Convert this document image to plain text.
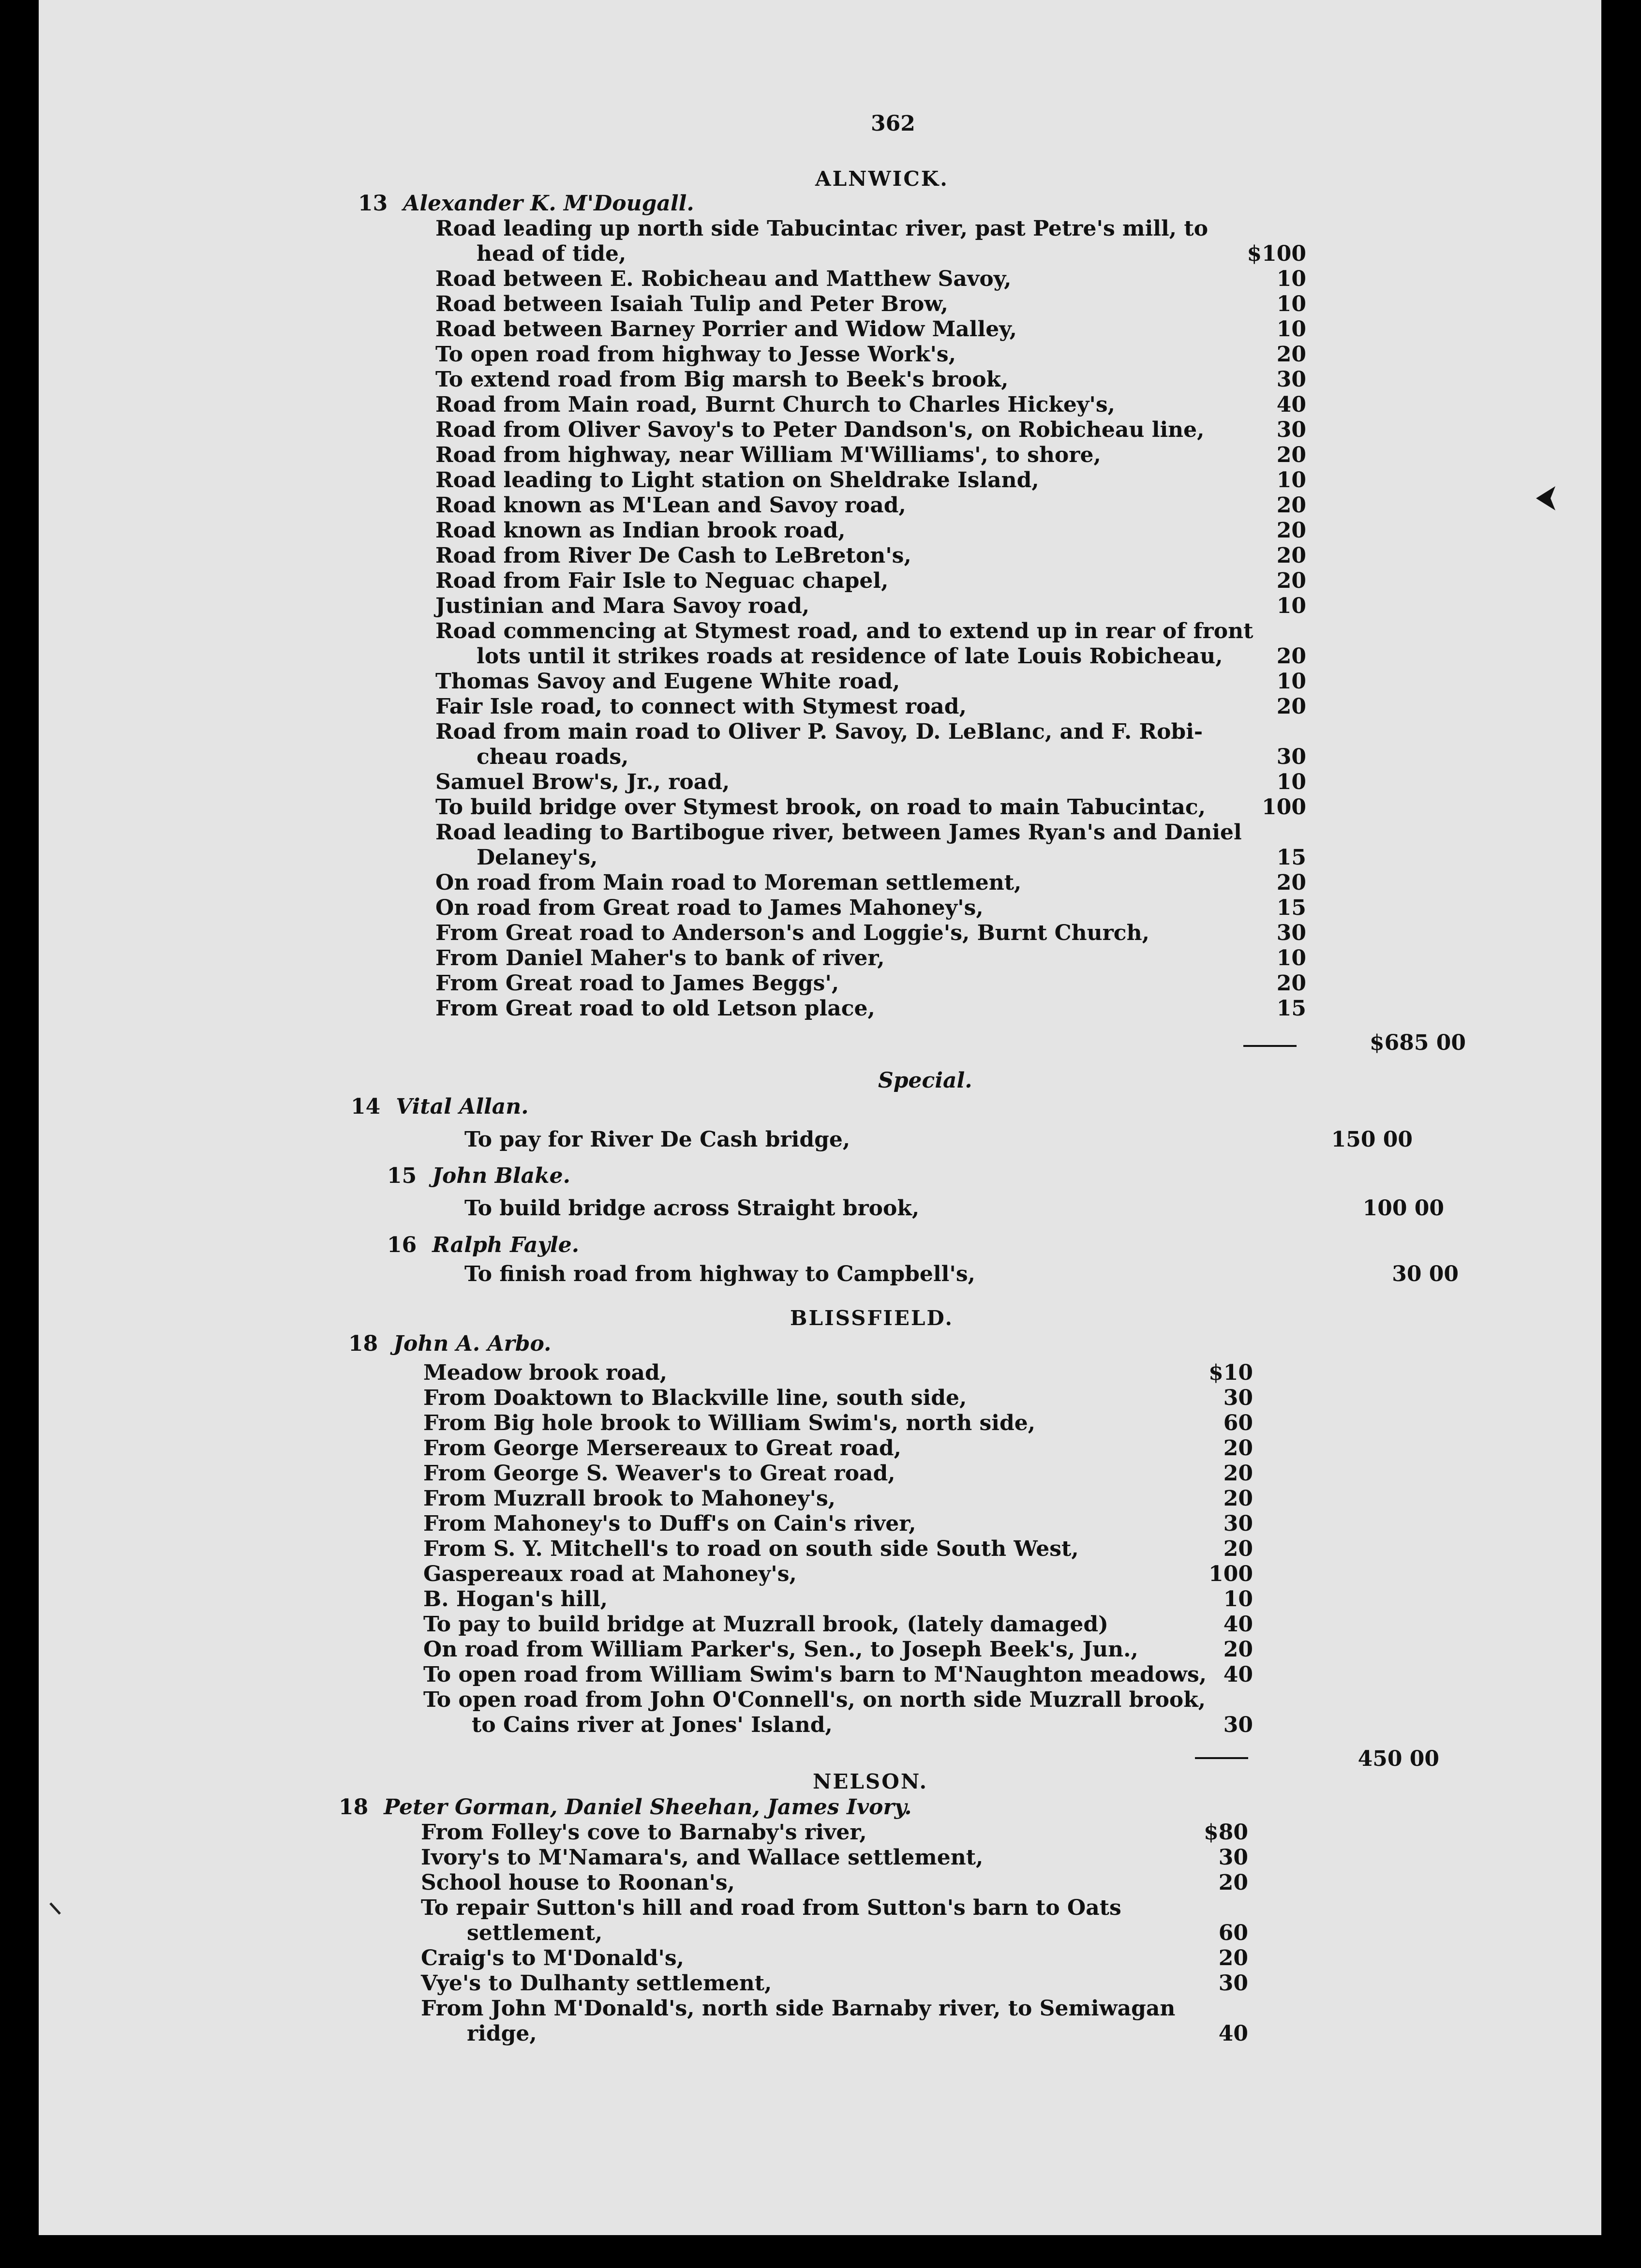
362
ALNWICK.
13 Alexander K. M'Dougall.
Road leading up north side Tabucintac river, past Petre's mill, to
head of tide,	$100
Road between E. Robicheau and Matthew Savoy,	10
Road between Isaiah Tulip and Peter Brow,	10
Road between Barney Porrier and Widow Malley,	10
To open road from highway to Jesse Work's,	20
To extend road from Big marsh to Beek's brook,	30
Road from Main road, Burnt Church to Charles Hickey's,	40
Road from Oliver Savoy's to Peter Dandson's, on Robicheau line,	30
Road from highway, near William M'Williams', to shore,	20
Road leading to Light station on Sheldrake Island,	10
Road known as M'Lean and Savoy road,	20
Road known as Indian brook road,	20
Road from River De Cash to LeBreton's,	20
Road from Fair Isle to Neguac chapel,	20
Justinian and Mara Savoy road,	10
Road commencing at Stymest road, and to extend up in rear of front
lots until it strikes roads at residence of late Louis Robicheau,	20
Thomas Savoy and Eugene White road,	10
Fair Isle road, to connect with Stymest road,	20
Road from main road to Oliver P. Savoy, D. LeBlanc, and F. Robi-
cheau roads,	30
Samuel Brow's, Jr., road,	10
To build bridge over Stymest brook, on road to main Tabucintac,	100
Road leading to Bartibogue river, between James Ryan's and Daniel
Delaney's,	15
On road from Main road to Moreman settlement,	20
On road from Great road to James Mahoney's,	15
From Great road to Anderson's and Loggie's, Burnt Church,	30
From Daniel Maher's to bank of river,	10
From Great road to James Beggs',	20
From Great road to old Letson place,	15
$685 00
Special.
14 Vital Allan.
To pay for River De Cash bridge,	150 00
15 John Blake.
To build bridge across Straight brook,	100 00
16 Ralph Fayle.
To finish road from highway to Campbell's,	30 00
BLISSFIELD.
18 John A. Arbo.
Meadow brook road,	$10
From Doaktown to Blackville line, south side,	30
From Big hole brook to William Swim's, north side,	60
From George Mersereaux to Great road,	20
From George S. Weaver's to Great road,	20
From Muzrall brook to Mahoney's,	20
From Mahoney's to Duff's on Cain's river,	30
From S. Y. Mitchell's to road on south side South West,	20
Gaspereaux road at Mahoney's,	100
B. Hogan's hill,	10
To pay to build bridge at Muzrall brook, (lately damaged)	40
On road from William Parker's, Sen., to Joseph Beek's, Jun.,	20
To open road from William Swim's barn to M'Naughton meadows, 40
To open road from John O'Connell's, on north side Muzrall brook,
to Cains river at Jones' Island,	30
450 00
NELSON.
18 Peter Gorman, Daniel Sheehan, James Ivory.
From Folley's cove to Barnaby's river,	$80
Ivory's to M'Namara's, and Wallace settlement,	30
School house to Roonan's,	20
To repair Sutton's hill and road from Sutton's barn to Oats
settlement,	60
Craig's to M'Donald's,	20
Vye's to Dulhanty settlement,	30
From John M'Donald's, north side Barnaby river, to Semiwagan
ridge,	40
